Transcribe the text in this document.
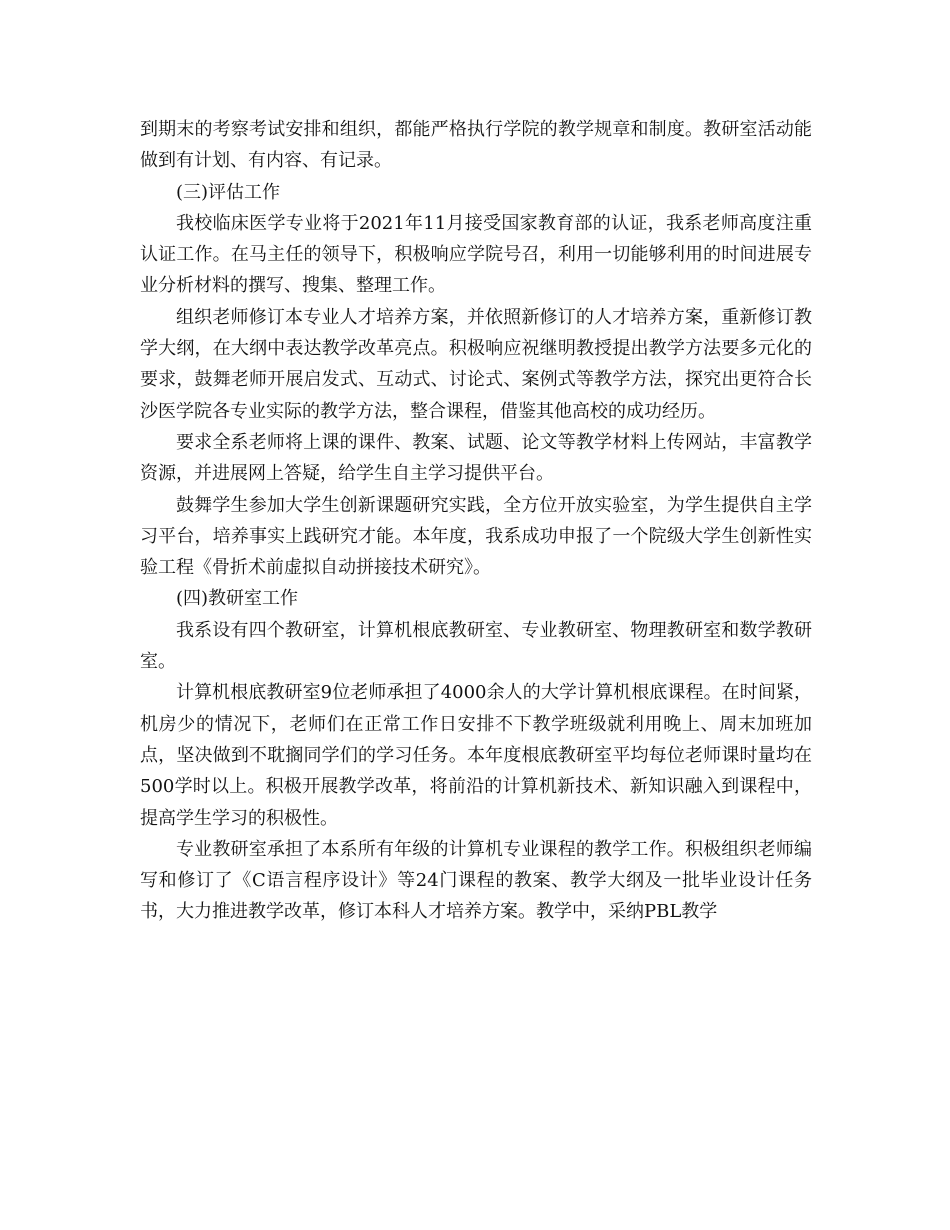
到期末的考察考试安排和组织，都能严格执行学院的教学规章和制度。教研室活动能做到有计划、有内容、有记录。

(三)评估工作

我校临床医学专业将于2021年11月接受国家教育部的认证，我系老师高度注重认证工作。在马主任的领导下，积极响应学院号召，利用一切能够利用的时间进展专业分析材料的撰写、搜集、整理工作。

组织老师修订本专业人才培养方案，并依照新修订的人才培养方案，重新修订教学大纲，在大纲中表达教学改革亮点。积极响应祝继明教授提出教学方法要多元化的要求，鼓舞老师开展启发式、互动式、讨论式、案例式等教学方法，探究出更符合长沙医学院各专业实际的教学方法，整合课程，借鉴其他高校的成功经历。

要求全系老师将上课的课件、教案、试题、论文等教学材料上传网站，丰富教学资源，并进展网上答疑，给学生自主学习提供平台。

鼓舞学生参加大学生创新课题研究实践，全方位开放实验室，为学生提供自主学习平台，培养事实上践研究才能。本年度，我系成功申报了一个院级大学生创新性实验工程《骨折术前虚拟自动拼接技术研究》。

(四)教研室工作

我系设有四个教研室，计算机根底教研室、专业教研室、物理教研室和数学教研室。

计算机根底教研室9位老师承担了4000余人的大学计算机根底课程。在时间紧，机房少的情况下，老师们在正常工作日安排不下教学班级就利用晚上、周末加班加点，坚决做到不耽搁同学们的学习任务。本年度根底教研室平均每位老师课时量均在500学时以上。积极开展教学改革，将前沿的计算机新技术、新知识融入到课程中，提高学生学习的积极性。

专业教研室承担了本系所有年级的计算机专业课程的教学工作。积极组织老师编写和修订了《C语言程序设计》等24门课程的教案、教学大纲及一批毕业设计任务书，大力推进教学改革，修订本科人才培养方案。教学中，采纳PBL教学
